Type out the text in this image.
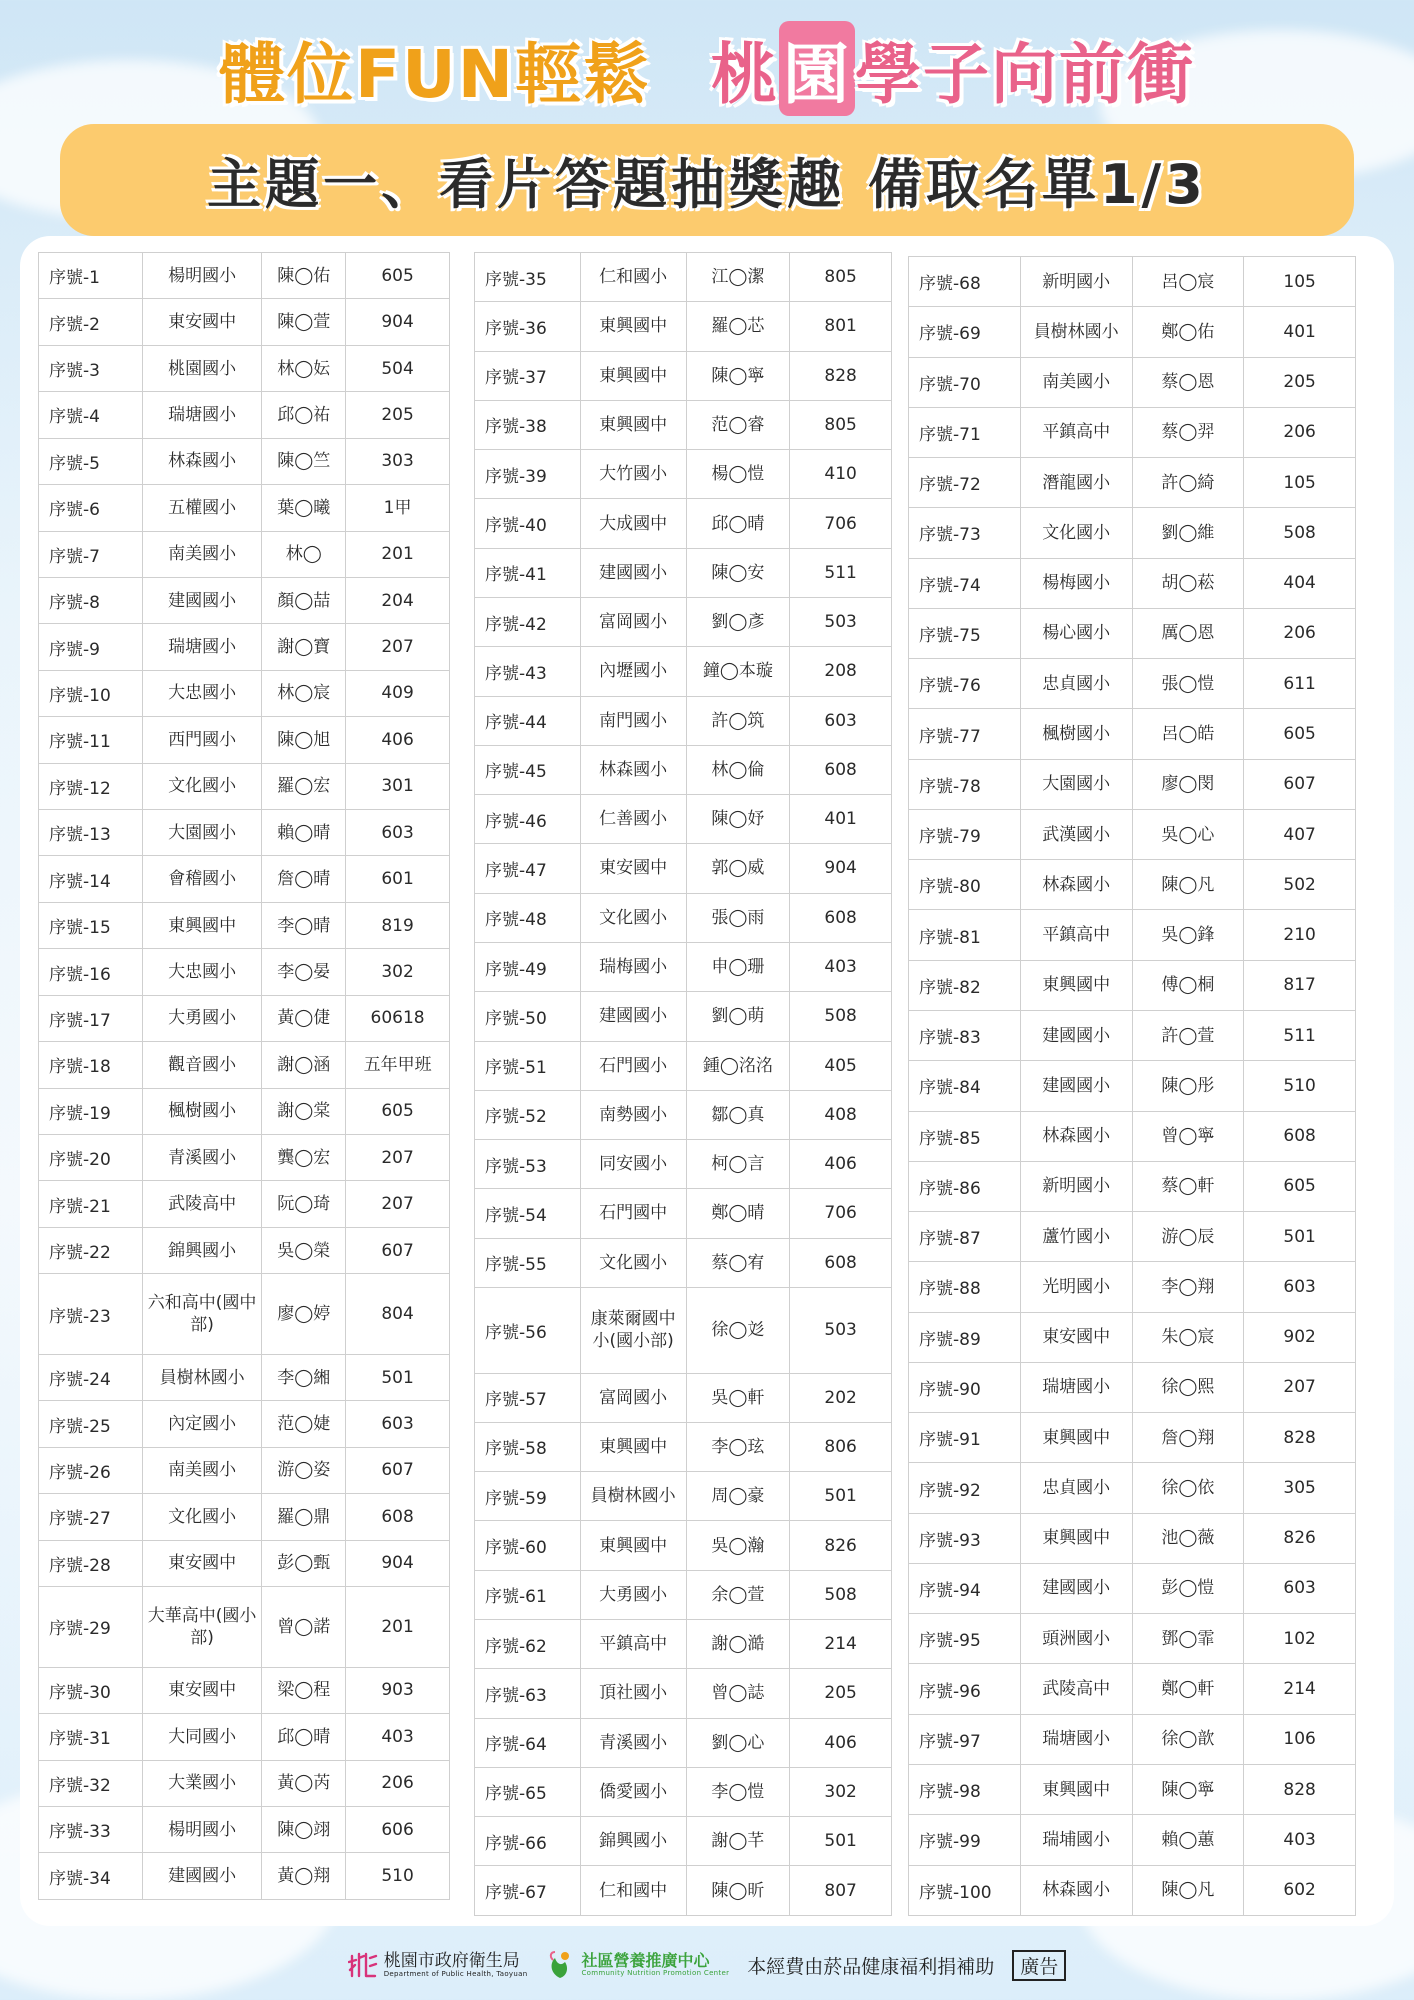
體位FUN輕鬆 桃園學子向前衝
主題一、看片答題抽獎趣 備取名單1/3
序號-1	楊明國小	陳◯佑	605
序號-2	東安國中	陳◯萱	904
序號-3	桃園國小	林◯妘	504
序號-4	瑞塘國小	邱◯祐	205
序號-5	林森國小	陳◯竺	303
序號-6	五權國小	葉◯曦	1甲
序號-7	南美國小	林◯	201
序號-8	建國國小	顏◯喆	204
序號-9	瑞塘國小	謝◯寶	207
序號-10	大忠國小	林◯宸	409
序號-11	西門國小	陳◯旭	406
序號-12	文化國小	羅◯宏	301
序號-13	大園國小	賴◯晴	603
序號-14	會稽國小	詹◯晴	601
序號-15	東興國中	李◯晴	819
序號-16	大忠國小	李◯晏	302
序號-17	大勇國小	黃◯倢	60618
序號-18	觀音國小	謝◯涵	五年甲班
序號-19	楓樹國小	謝◯棠	605
序號-20	青溪國小	龔◯宏	207
序號-21	武陵高中	阮◯琦	207
序號-22	錦興國小	吳◯榮	607
序號-23	六和高中(國中部)	廖◯婷	804
序號-24	員樹林國小	李◯緗	501
序號-25	內定國小	范◯婕	603
序號-26	南美國小	游◯姿	607
序號-27	文化國小	羅◯鼎	608
序號-28	東安國中	彭◯甄	904
序號-29	大華高中(國小部)	曾◯諾	201
序號-30	東安國中	梁◯程	903
序號-31	大同國小	邱◯晴	403
序號-32	大業國小	黃◯芮	206
序號-33	楊明國小	陳◯翊	606
序號-34	建國國小	黃◯翔	510
序號-35	仁和國小	江◯潔	805
序號-36	東興國中	羅◯芯	801
序號-37	東興國中	陳◯寧	828
序號-38	東興國中	范◯睿	805
序號-39	大竹國小	楊◯愷	410
序號-40	大成國中	邱◯晴	706
序號-41	建國國小	陳◯安	511
序號-42	富岡國小	劉◯彥	503
序號-43	內壢國小	鐘◯本璇	208
序號-44	南門國小	許◯筑	603
序號-45	林森國小	林◯倫	608
序號-46	仁善國小	陳◯妤	401
序號-47	東安國中	郭◯威	904
序號-48	文化國小	張◯雨	608
序號-49	瑞梅國小	申◯珊	403
序號-50	建國國小	劉◯萌	508
序號-51	石門國小	鍾◯洺洺	405
序號-52	南勢國小	鄒◯真	408
序號-53	同安國小	柯◯言	406
序號-54	石門國中	鄭◯晴	706
序號-55	文化國小	蔡◯宥	608
序號-56	康萊爾國中小(國小部)	徐◯彣	503
序號-57	富岡國小	吳◯軒	202
序號-58	東興國中	李◯玹	806
序號-59	員樹林國小	周◯豪	501
序號-60	東興國中	吳◯瀚	826
序號-61	大勇國小	余◯萱	508
序號-62	平鎮高中	謝◯澔	214
序號-63	頂社國小	曾◯誌	205
序號-64	青溪國小	劉◯心	406
序號-65	僑愛國小	李◯愷	302
序號-66	錦興國小	謝◯芊	501
序號-67	仁和國中	陳◯昕	807
序號-68	新明國小	呂◯宸	105
序號-69	員樹林國小	鄭◯佑	401
序號-70	南美國小	蔡◯恩	205
序號-71	平鎮高中	蔡◯羿	206
序號-72	潛龍國小	許◯綺	105
序號-73	文化國小	劉◯維	508
序號-74	楊梅國小	胡◯菘	404
序號-75	楊心國小	厲◯恩	206
序號-76	忠貞國小	張◯愷	611
序號-77	楓樹國小	呂◯皓	605
序號-78	大園國小	廖◯閔	607
序號-79	武漢國小	吳◯心	407
序號-80	林森國小	陳◯凡	502
序號-81	平鎮高中	吳◯鋒	210
序號-82	東興國中	傅◯桐	817
序號-83	建國國小	許◯萱	511
序號-84	建國國小	陳◯彤	510
序號-85	林森國小	曾◯寧	608
序號-86	新明國小	蔡◯軒	605
序號-87	蘆竹國小	游◯辰	501
序號-88	光明國小	李◯翔	603
序號-89	東安國中	朱◯宸	902
序號-90	瑞塘國小	徐◯熙	207
序號-91	東興國中	詹◯翔	828
序號-92	忠貞國小	徐◯依	305
序號-93	東興國中	池◯薇	826
序號-94	建國國小	彭◯愷	603
序號-95	頭洲國小	鄧◯霏	102
序號-96	武陵高中	鄭◯軒	214
序號-97	瑞塘國小	徐◯歆	106
序號-98	東興國中	陳◯寧	828
序號-99	瑞埔國小	賴◯蕙	403
序號-100	林森國小	陳◯凡	602
桃園市政府衛生局
Department of Public Health, Taoyuan
社區營養推廣中心
Community Nutrition Promotion Center 本經費由菸品健康福利捐補助	廣告
